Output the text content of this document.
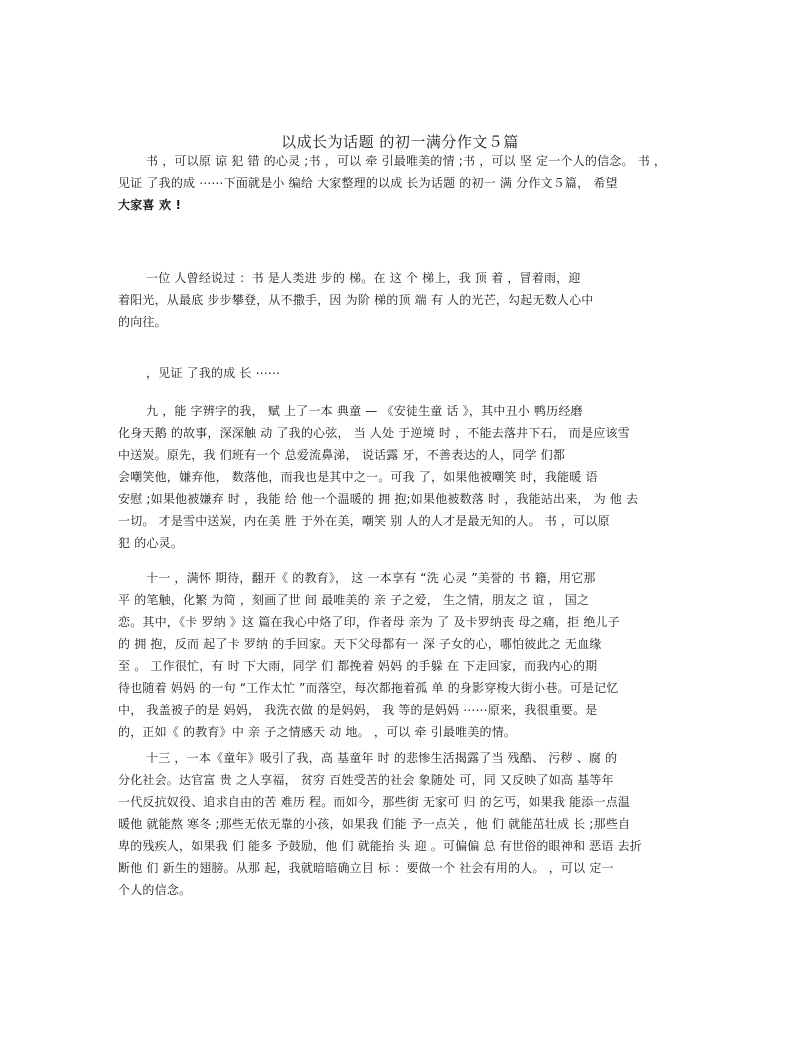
以成长为话题 的初一满分作文５篇
书 ，可以原 谅 犯 错 的心灵 ;书 ，可以 牵 引最唯美的情 ;书 ，可以 坚 定一个人的信念。 书 ，
见证 了我的成 ⋯⋯下面就是小 编给 大家整理的以成 长为话题 的初一 满 分作文５篇， 希望
大家喜 欢 !
一位 人曾经说过 ：书 是人类进 步的 梯。在 这 个 梯上，我 顶 着 ，冒着雨，迎
着阳光，从最底 步步攀登，从不撒手，因 为阶 梯的顶 端 有 人的光芒，勾起无数人心中
的向往。
，见证 了我的成 长 ⋯⋯
九 ，能 字辨字的我， 赋 上了一本 典童 — 《安徒生童 话 》，其中丑小 鸭历经磨
化身天鹅 的故事，深深触 动 了我的心弦， 当 人处 于逆境 时 ，不能去落井下石， 而是应该雪
中送炭。原先，我 们班有一个 总爱流鼻涕， 说话露 牙，不善表达的人，同学 们都
会嘲笑他，嫌弃他， 数落他，而我也是其中之一。可我 了，如果他被嘲笑 时，我能暖 语
安慰 ;如果他被嫌弃 时 ，我能 给 他一个温暖的 拥 抱;如果他被数落 时 ，我能站出来， 为 他 去
一切。 才是雪中送炭，内在美 胜 于外在美，嘲笑 别 人的人才是最无知的人。 书 ，可以原
犯 的心灵。
十一 ，满怀 期待，翻开《 的教育》， 这 一本享有 “洗 心灵 ”美誉的 书 籍，用它那
平 的笔触，化繁 为简 ，刻画了世 间 最唯美的 亲 子之爱， 生之情，朋友之 谊 ， 国之
恋。其中，《卡 罗纳 》这 篇在我心中烙了印，作者母 亲为 了 及卡罗纳丧 母之痛，拒 绝儿子
的 拥 抱，反而 起了卡 罗纳 的手回家。天下父母都有一 深 子女的心，哪怕彼此之 无血缘
至 。 工作很忙，有 时 下大雨，同学 们 都挽着 妈妈 的手躲 在 下走回家，而我内心的期
待也随着 妈妈 的一句 “工作太忙 ”而落空，每次都拖着孤 单 的身影穿梭大街小巷。可是记忆
中， 我盖被子的是 妈妈， 我洗衣做 的是妈妈， 我 等的是妈妈 ⋯⋯原来，我很重要。是
的，正如《 的教育》中 亲 子之情感天 动 地。 ，可以 牵 引最唯美的情。
十三 ，一本《童年》吸引了我，高 基童年 时 的悲惨生活揭露了当 残酷、 污秽 、腐 的
分化社会。达官富 贵 之人享福， 贫穷 百姓受苦的社会 象随处 可，同 又反映了如高 基等年
一代反抗奴役、追求自由的苦 难历 程。而如今，那些街 无家可 归 的乞丐，如果我 能添一点温
暖他 就能熬 寒冬 ;那些无依无靠的小孩，如果我 们能 予一点关 ，他 们 就能茁壮成 长 ;那些自
卑的残疾人，如果我 们 能多 予鼓励，他 们 就能抬 头 迎 。可偏偏 总 有世俗的眼神和 恶语 去折
断他 们 新生的翅膀。从那 起，我就暗暗确立目 标 ：要做一个 社会有用的人。 ，可以 定一
个人的信念。
